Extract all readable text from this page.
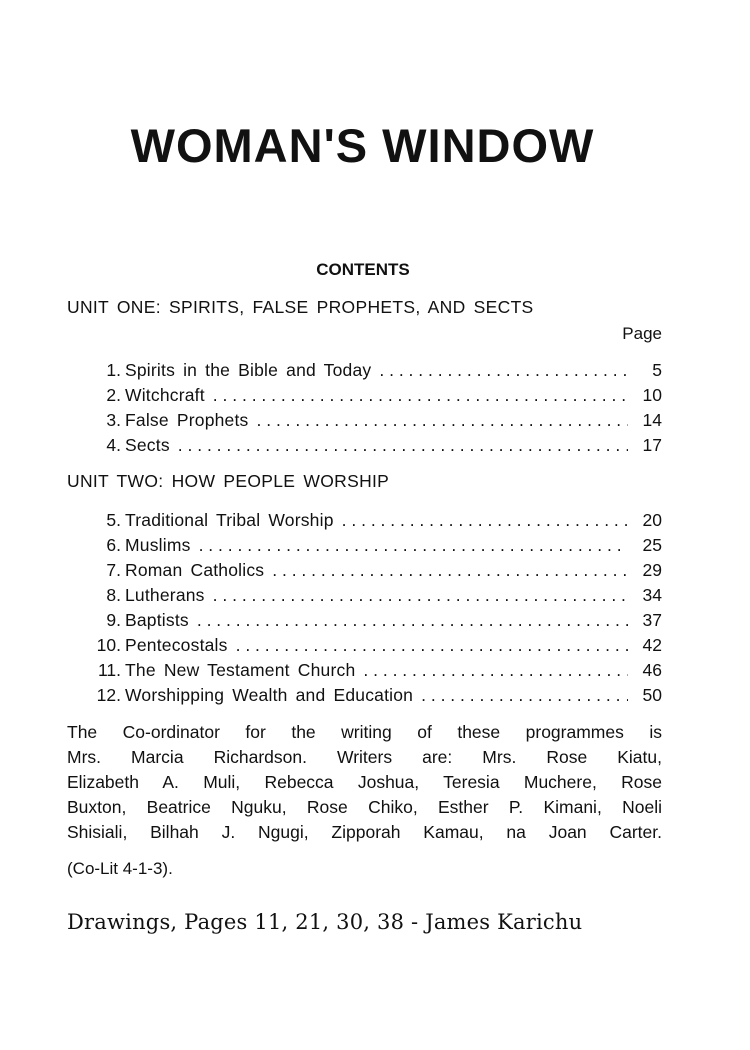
WOMAN'S WINDOW
CONTENTS
UNIT ONE: SPIRITS, FALSE PROPHETS, AND SECTS
Page
1. Spirits in the Bible and Today . . .	5
2. Witchcraft . . .	10
3. False Prophets . . .	14
4. Sects . . .	17
UNIT TWO: HOW PEOPLE WORSHIP
5. Traditional Tribal Worship . . .	20
6. Muslims . . .	25
7. Roman Catholics . . .	29
8. Lutherans . . .	34
9. Baptists . . .	37
10. Pentecostals . . .	42
11. The New Testament Church . . .	46
12. Worshipping Wealth and Education . . .	50
The Co-ordinator for the writing of these programmes is
Mrs. Marcia Richardson. Writers are: Mrs. Rose Kiatu,
Elizabeth A. Muli, Rebecca Joshua, Teresia Muchere, Rose
Buxton, Beatrice Nguku, Rose Chiko, Esther P. Kimani, Noeli
Shisiali, Bilhah J. Ngugi, Zipporah Kamau, na Joan Carter.
(Co-Lit 4-1-3).
Drawings, Pages 11, 21, 30, 38 - James Karichu
